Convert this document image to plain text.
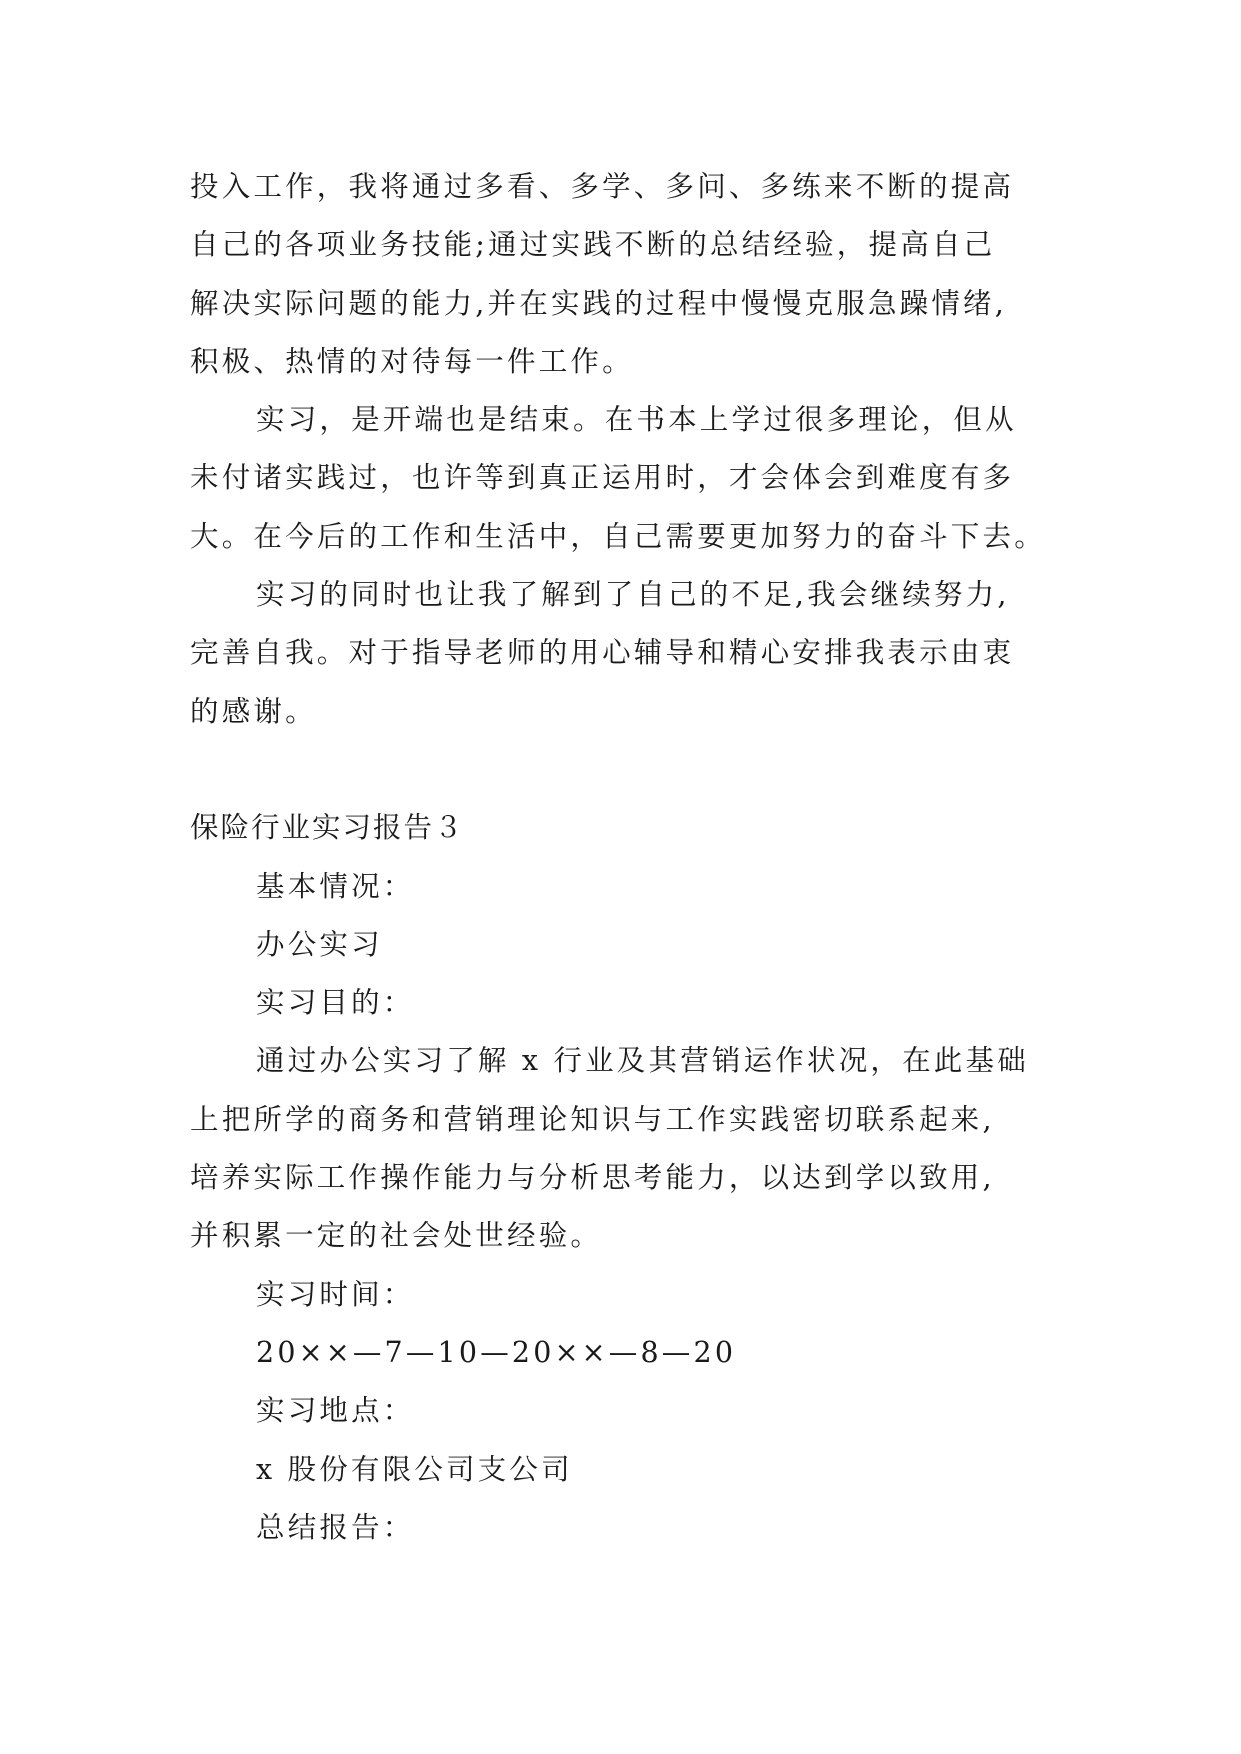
投入工作，我将通过多看、多学、多问、多练来不断的提高
自己的各项业务技能;通过实践不断的总结经验，提高自己
解决实际问题的能力,并在实践的过程中慢慢克服急躁情绪,
积极、热情的对待每一件工作。
实习，是开端也是结束。在书本上学过很多理论，但从
未付诸实践过，也许等到真正运用时，才会体会到难度有多
大。在今后的工作和生活中，自己需要更加努力的奋斗下去。
实习的同时也让我了解到了自己的不足,我会继续努力,
完善自我。对于指导老师的用心辅导和精心安排我表示由衷
的感谢。
保险行业实习报告３
基本情况：
办公实习
实习目的：
通过办公实习了解 x 行业及其营销运作状况，在此基础
上把所学的商务和营销理论知识与工作实践密切联系起来,
培养实际工作操作能力与分析思考能力，以达到学以致用,
并积累一定的社会处世经验。
实习时间：
20××—7—10—20××—8—20
实习地点：
x 股份有限公司支公司
总结报告：
